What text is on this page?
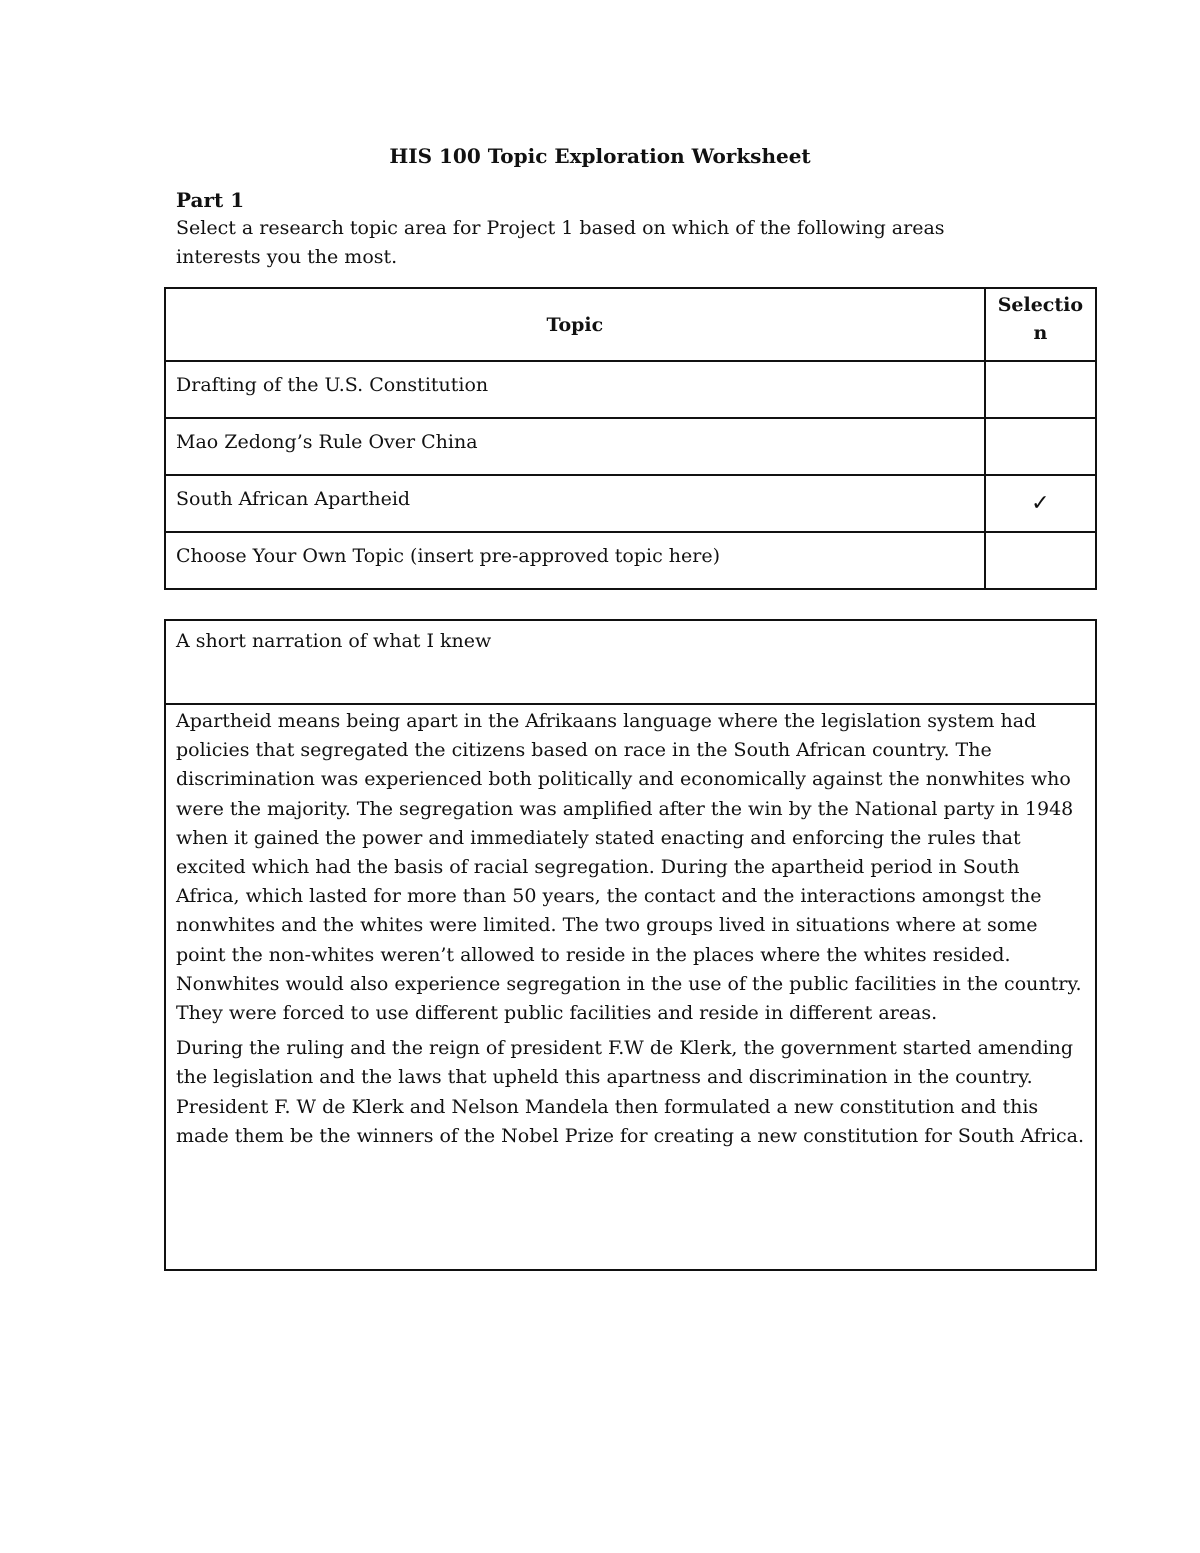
HIS 100 Topic Exploration Worksheet
Part 1
Select a research topic area for Project 1 based on which of the following areas interests you the most.
Topic	Selectio n
Drafting of the U.S. Constitution	
Mao Zedong’s Rule Over China	
South African Apartheid	✓
Choose Your Own Topic (insert pre-approved topic here)	
A short narration of what I knew

Apartheid means being apart in the Afrikaans language where the legislation system had policies that segregated the citizens based on race in the South African country. The discrimination was experienced both politically and economically against the nonwhites who were the majority. The segregation was amplified after the win by the National party in 1948 when it gained the power and immediately stated enacting and enforcing the rules that excited which had the basis of racial segregation. During the apartheid period in South Africa, which lasted for more than 50 years, the contact and the interactions amongst the nonwhites and the whites were limited. The two groups lived in situations where at some point the non-whites weren’t allowed to reside in the places where the whites resided. Nonwhites would also experience segregation in the use of the public facilities in the country. They were forced to use different public facilities and reside in different areas.

During the ruling and the reign of president F.W de Klerk, the government started amending the legislation and the laws that upheld this apartness and discrimination in the country. President F. W de Klerk and Nelson Mandela then formulated a new constitution and this made them be the winners of the Nobel Prize for creating a new constitution for South Africa.
